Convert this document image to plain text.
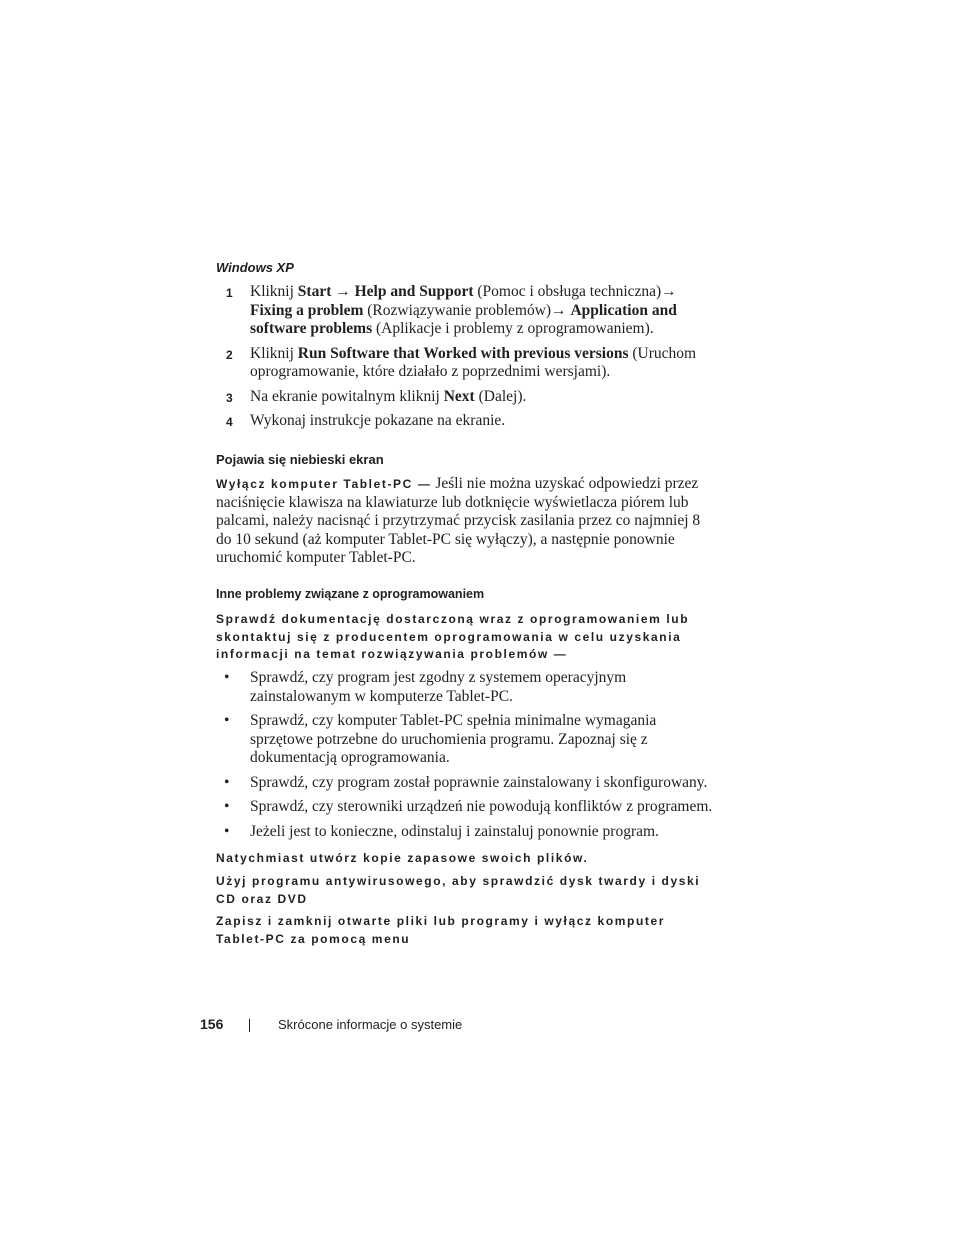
Windows XP
1 Kliknij Start → Help and Support (Pomoc i obsługa techniczna)→ Fixing a problem (Rozwiązywanie problemów)→ Application and software problems (Aplikacje i problemy z oprogramowaniem).
2 Kliknij Run Software that Worked with previous versions (Uruchom oprogramowanie, które działało z poprzednimi wersjami).
3 Na ekranie powitalnym kliknij Next (Dalej).
4 Wykonaj instrukcje pokazane na ekranie.
Pojawia się niebieski ekran
Wyłącz komputer Tablet-PC — Jeśli nie można uzyskać odpowiedzi przez naciśnięcie klawisza na klawiaturze lub dotknięcie wyświetlacza piórem lub palcami, należy nacisnąć i przytrzymać przycisk zasilania przez co najmniej 8 do 10 sekund (aż komputer Tablet-PC się wyłączy), a następnie ponownie uruchomić komputer Tablet-PC.
Inne problemy związane z oprogramowaniem
Sprawdź dokumentację dostarczoną wraz z oprogramowaniem lub skontaktuj się z producentem oprogramowania w celu uzyskania informacji na temat rozwiązywania problemów —
• Sprawdź, czy program jest zgodny z systemem operacyjnym zainstalowanym w komputerze Tablet-PC.
• Sprawdź, czy komputer Tablet-PC spełnia minimalne wymagania sprzętowe potrzebne do uruchomienia programu. Zapoznaj się z dokumentacją oprogramowania.
• Sprawdź, czy program został poprawnie zainstalowany i skonfigurowany.
• Sprawdź, czy sterowniki urządzeń nie powodują konfliktów z programem.
• Jeżeli jest to konieczne, odinstaluj i zainstaluj ponownie program.
Natychmiast utwórz kopie zapasowe swoich plików.
Użyj programu antywirusowego, aby sprawdzić dysk twardy i dyski CD oraz DVD
Zapisz i zamknij otwarte pliki lub programy i wyłącz komputer Tablet-PC za pomocą menu
156	Skrócone informacje o systemie
